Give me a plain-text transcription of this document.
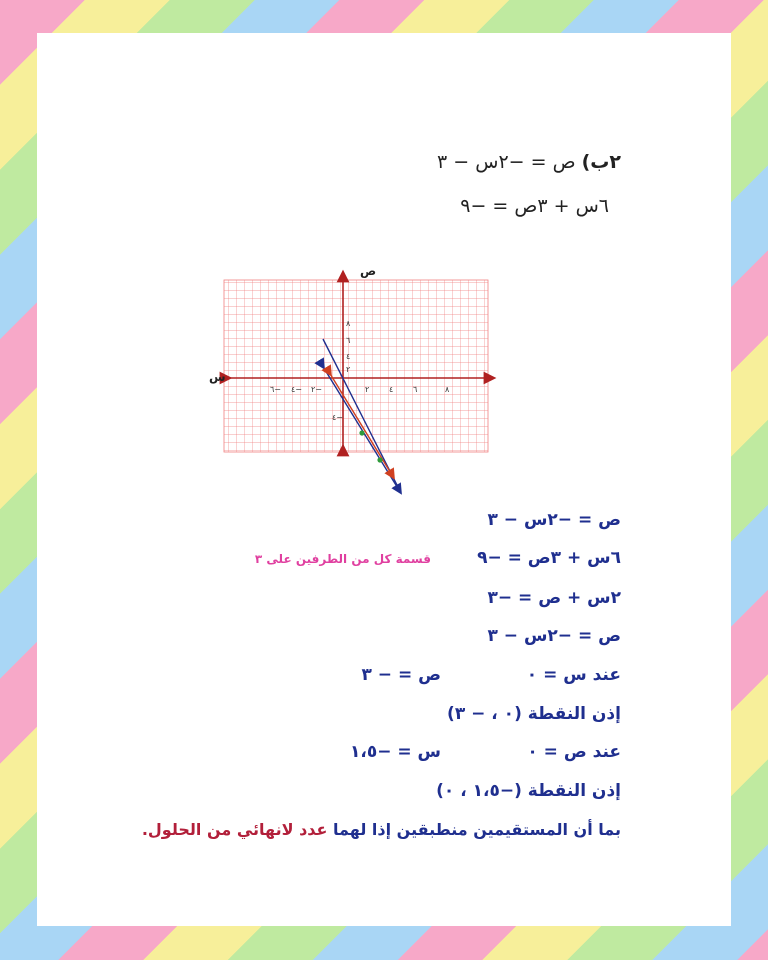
٢ب) ص = −٢س − ٣
٦س + ٣ص = −٩
ص
س
٦− ٤− ٢−	٢ ٤ ٦	٨
٨
٦
٤
٢
٤−
ص = −٢س − ٣
٦س + ٣ص = −٩
قسمة كل من الطرفين على ٣
٢س + ص = −٣
ص = −٢س − ٣
عند س = ٠
ص = − ٣
إذن النقطة (٠ ، − ٣)
عند ص = ٠
س = −١،٥
إذن النقطة (−١،٥ ، ٠)
بما أن المستقيمين منطبقين إذا لهما عدد لانهائي من الحلول.
